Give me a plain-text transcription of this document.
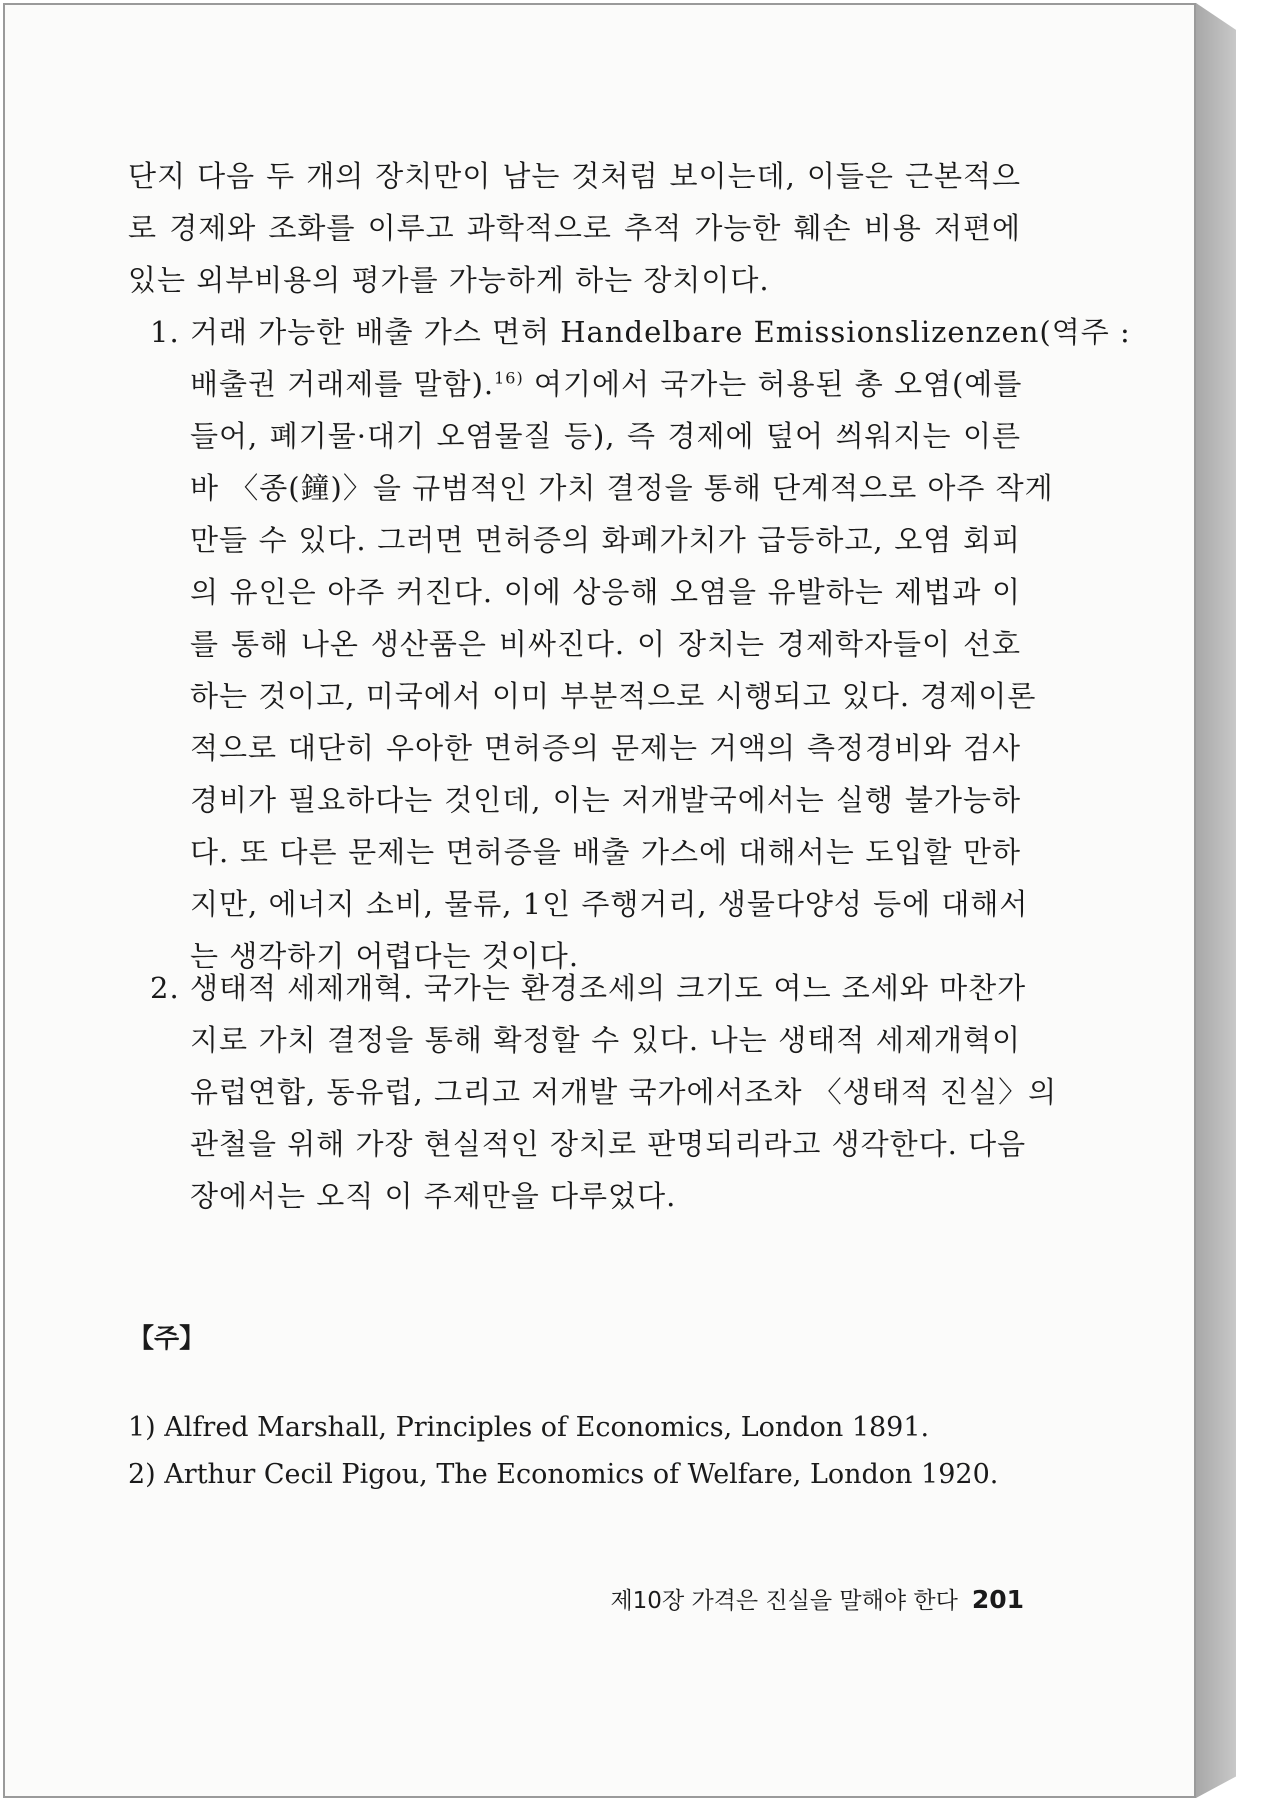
단지 다음 두 개의 장치만이 남는 것처럼 보이는데, 이들은 근본적으
로 경제와 조화를 이루고 과학적으로 추적 가능한 훼손 비용 저편에
있는 외부비용의 평가를 가능하게 하는 장치이다.
1. 거래 가능한 배출 가스 면허 Handelbare Emissionslizenzen(역주 :
배출권 거래제를 말함).$^{16)}$ 여기에서 국가는 허용된 총 오염(예를
들어, 폐기물·대기 오염물질 등), 즉 경제에 덮어 씌워지는 이른
바 〈종(鐘)〉을 규범적인 가치 결정을 통해 단계적으로 아주 작게
만들 수 있다. 그러면 면허증의 화폐가치가 급등하고, 오염 회피
의 유인은 아주 커진다. 이에 상응해 오염을 유발하는 제법과 이
를 통해 나온 생산품은 비싸진다. 이 장치는 경제학자들이 선호
하는 것이고, 미국에서 이미 부분적으로 시행되고 있다. 경제이론
적으로 대단히 우아한 면허증의 문제는 거액의 측정경비와 검사
경비가 필요하다는 것인데, 이는 저개발국에서는 실행 불가능하
다. 또 다른 문제는 면허증을 배출 가스에 대해서는 도입할 만하
지만, 에너지 소비, 물류, 1인 주행거리, 생물다양성 등에 대해서
는 생각하기 어렵다는 것이다.
2. 생태적 세제개혁. 국가는 환경조세의 크기도 여느 조세와 마찬가
지로 가치 결정을 통해 확정할 수 있다. 나는 생태적 세제개혁이
유럽연합, 동유럽, 그리고 저개발 국가에서조차 〈생태적 진실〉의
관철을 위해 가장 현실적인 장치로 판명되리라고 생각한다. 다음
장에서는 오직 이 주제만을 다루었다.
【주】
1) Alfred Marshall, Principles of Economics, London 1891.
2) Arthur Cecil Pigou, The Economics of Welfare, London 1920.
제10장 가격은 진실을 말해야 한다 201
